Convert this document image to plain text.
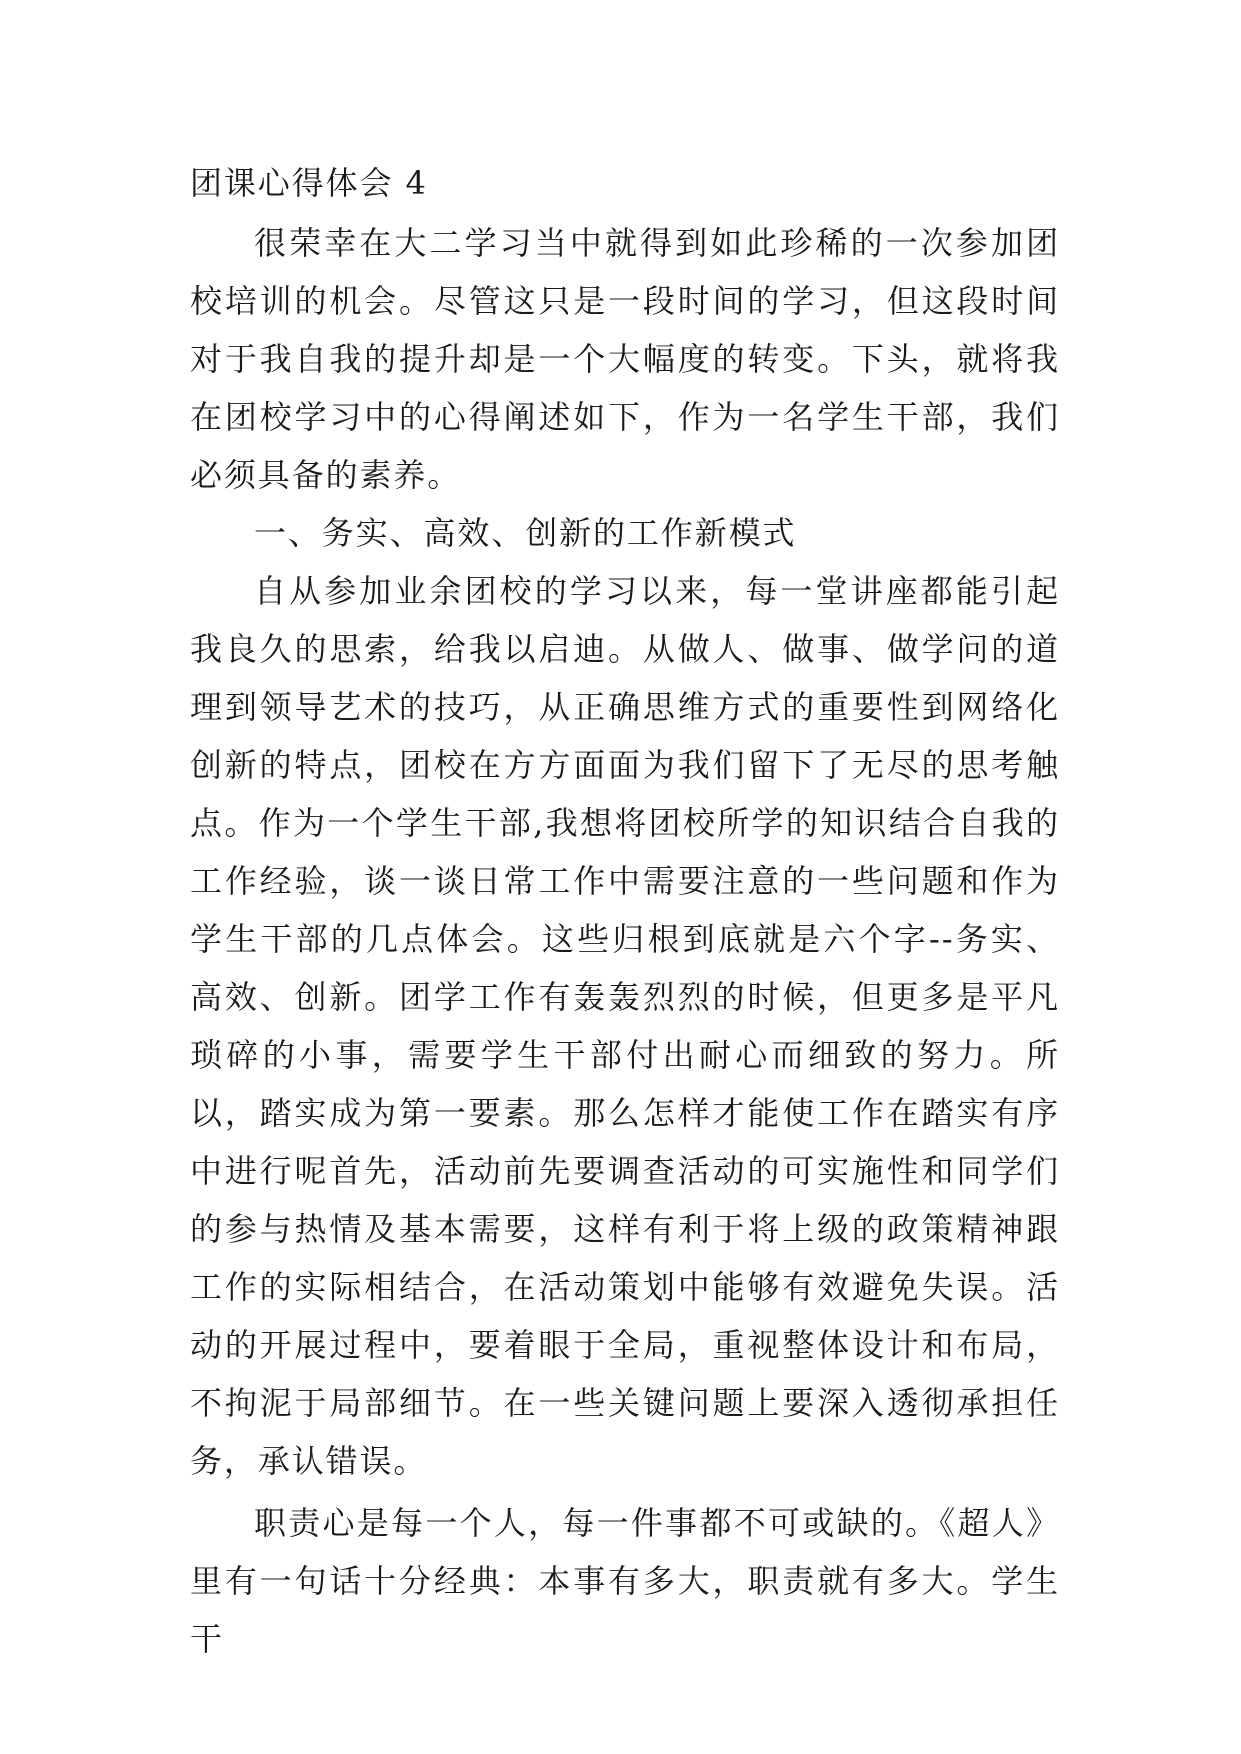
团课心得体会 4

很荣幸在大二学习当中就得到如此珍稀的一次参加团校培训的机会。尽管这只是一段时间的学习，但这段时间对于我自我的提升却是一个大幅度的转变。下头，就将我在团校学习中的心得阐述如下，作为一名学生干部，我们必须具备的素养。

一、务实、高效、创新的工作新模式

自从参加业余团校的学习以来，每一堂讲座都能引起我良久的思索，给我以启迪。从做人、做事、做学问的道理到领导艺术的技巧，从正确思维方式的重要性到网络化创新的特点，团校在方方面面为我们留下了无尽的思考触点。作为一个学生干部,我想将团校所学的知识结合自我的工作经验，谈一谈日常工作中需要注意的一些问题和作为学生干部的几点体会。这些归根到底就是六个字--务实、高效、创新。团学工作有轰轰烈烈的时候，但更多是平凡琐碎的小事，需要学生干部付出耐心而细致的努力。所以，踏实成为第一要素。那么怎样才能使工作在踏实有序中进行呢首先，活动前先要调查活动的可实施性和同学们的参与热情及基本需要，这样有利于将上级的政策精神跟工作的实际相结合，在活动策划中能够有效避免失误。活动的开展过程中，要着眼于全局，重视整体设计和布局，不拘泥于局部细节。在一些关键问题上要深入透彻承担任务，承认错误。

职责心是每一个人，每一件事都不可或缺的。《超人》里有一句话十分经典：本事有多大，职责就有多大。学生干
